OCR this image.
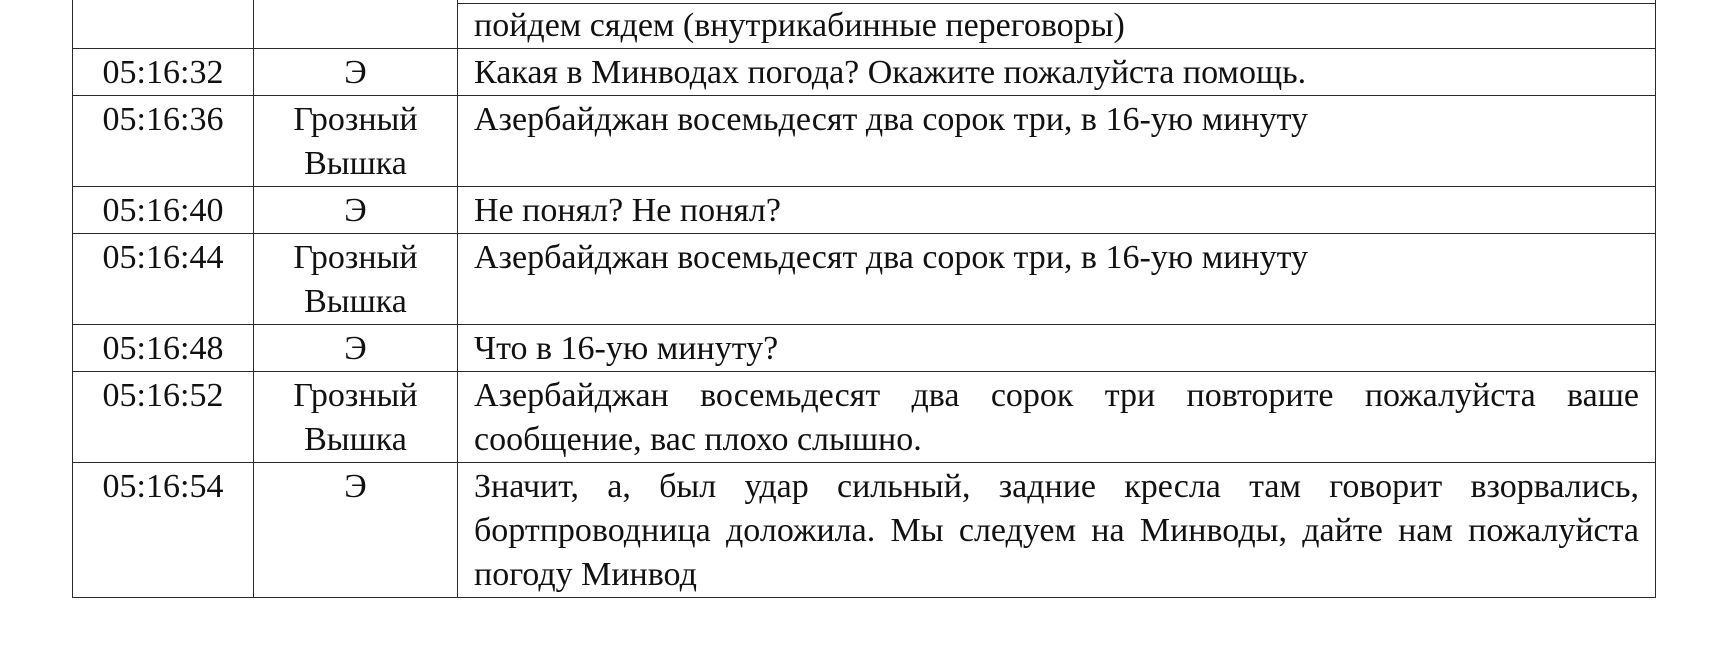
пойдем сядем (внутрикабинные переговоры)
05:16:32	Э	Какая в Минводах погода? Окажите пожалуйста помощь.
05:16:36	Грозный Вышка	Азербайджан восемьдесят два сорок три, в 16-ую минуту
05:16:40	Э	Не понял? Не понял?
05:16:44	Грозный Вышка	Азербайджан восемьдесят два сорок три, в 16-ую минуту
05:16:48	Э	Что в 16-ую минуту?
05:16:52	Грозный Вышка	Азербайджан восемьдесят два сорок три повторите пожалуйста ваше сообщение, вас плохо слышно.
05:16:54	Э	Значит, а, был удар сильный, задние кресла там говорит взорвались, бортпроводница доложила. Мы следуем на Минводы, дайте нам пожалуйста погоду Минвод
